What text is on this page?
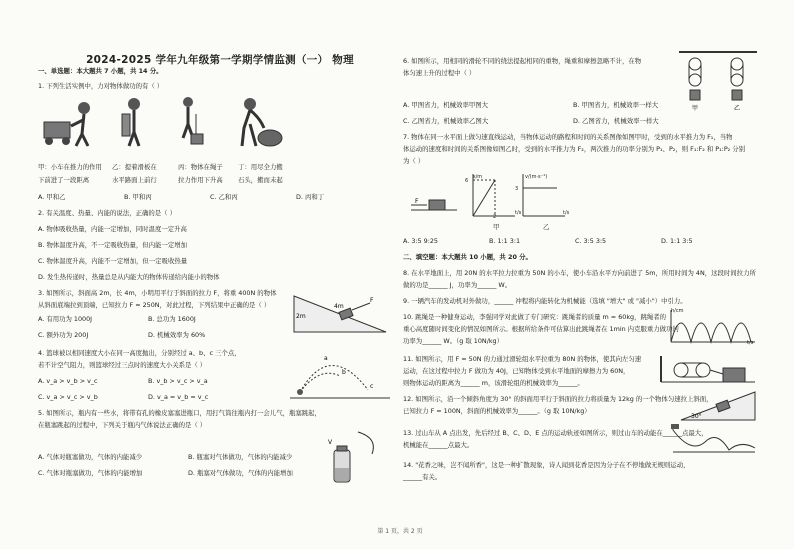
2024-2025 学年九年级第一学期学情监测（一） 物理
一、单选题：本大题共 7 小题，共 14 分。
1. 下列生活实例中，力对物体做功的有（ ）
甲：小车在推力的作用 乙：提着滑板在	丙：物体在绳子 丁：用尽全力搬
下前进了一段距离	水平路面上前行	拉力作用下升高 石头，搬而未起
A. 甲和乙	B. 甲和丙	C. 乙和丙	D. 丙和丁
2. 有关温度、热量、内能的说法，正确的是（ ）
A. 物体吸收热量，内能一定增加，同时温度一定升高
B. 物体温度升高，不一定吸收热量，但内能一定增加
C. 物体温度升高，内能不一定增加，但一定吸收热量
D. 发生热传递时，热量总是从内能大的物体传递给内能小的物体
3. 如图所示，斜面高 2m，长 4m，小明用平行于斜面的拉力 F，将重 400N 的物体
从斜面底端拉到顶端，已知拉力 F = 250N，对此过程，下列结果中正确的是（ ）
A. 有用功为 1000J	B. 总功为 1600J
C. 额外功为 200J	D. 机械效率为 60%
2m
4m
F
4. 篮球被以相同速度大小在同一高度抛出，分别经过 a、b、c 三个点，
若不计空气阻力，则篮球经过三点时的速度大小关系是（ ）
A. v_a > v_b > v_c	B. v_b > v_c > v_a
C. v_a > v_c > v_b	D. v_a = v_b = v_c
a
b
c
5. 如图所示，瓶内有一些水，将带有孔的橡皮塞塞进瓶口，用打气筒往瓶内打一会儿气，瓶塞跳起，
在瓶塞跳起的过程中，下列关于瓶内气体说法正确的是（ ）
V
A. 气体对瓶塞做功，气体的内能减少	B. 瓶塞对气体做功，气体的内能减少
C. 气体对瓶塞做功，气体的内能增加	D. 瓶塞对气体做功，气体的内能增加
6. 如图所示，用相同的滑轮不同的绕法提起相同的重物，绳重和摩擦忽略不计，在物
体匀速上升的过程中（ ）
甲	乙
A. 甲图省力，机械效率甲图大	B. 甲图省力，机械效率一样大
C. 乙图省力，机械效率乙图大	D. 乙图省力，机械效率一样大
7. 物体在同一水平面上做匀速直线运动，当物体运动的路程和时间的关系图像如图甲时，受到的水平推力为 F₁，当物
体运动的速度和时间的关系图像如图乙时，受到的水平推力为 F₂，两次推力的功率分别为 P₁、P₂，则 F₁:F₂ 和 P₁:P₂ 分别
为（ ）
F
s/m
t/s
v/(m·s⁻¹)
t/s
6
2
3
甲	乙
A. 3:5 9:25	B. 1:1 3:1	C. 3:5 3:5	D. 1:1 3:5
二、填空题：本大题共 10 小题，共 20 分。
8. 在水平地面上，用 20N 的水平拉力拉重为 50N 的小车，使小车沿水平方向前进了 5m，所用时间为 4N，这段时间拉力所
做的功是______ J，功率为______ W。
9. 一辆汽车的发动机对外做功，______ 冲程将内能转化为机械能（选填 "增大" 或 "减小"）中引力。
10. 跳绳是一种健身运动，李强同学对此做了专门研究：跳绳者的质量 m = 60kg，跳绳者的
重心高度随时间变化的情况如图所示。根据所给条件可估算出此跳绳者在 1min 内克服重力做功的
功率为______ W。（g 取 10N/kg）
h/cm
t/s
11. 如图所示，用 F = 50N 的力通过滑轮组水平拉重为 80N 的物体，使其向左匀速
运动，在这过程中拉力 F 做功为 40J，已知物体受到水平地面的摩擦力为 60N，
则物体运动的距离为______ m，该滑轮组的机械效率为______。
12. 如图所示，沿一个倾斜角度为 30° 的斜面用平行于斜面的拉力将质量为 12kg 的一个物体匀速拉上斜面，
已知拉力 F = 100N，斜面的机械效率为______。（g 取 10N/kg）
30°
13. 过山车从 A 点出发，先后经过 B、C、D、E 点的运动轨迹如图所示，则过山车的动能在______点最大，
机械能在______点最大。
14. "花香之味，岂不闻所香"，这是一种扩散现象，诗人闻到花香是因为分子在不停地做无规则运动，
______有关。
第 1 页，共 2 页
